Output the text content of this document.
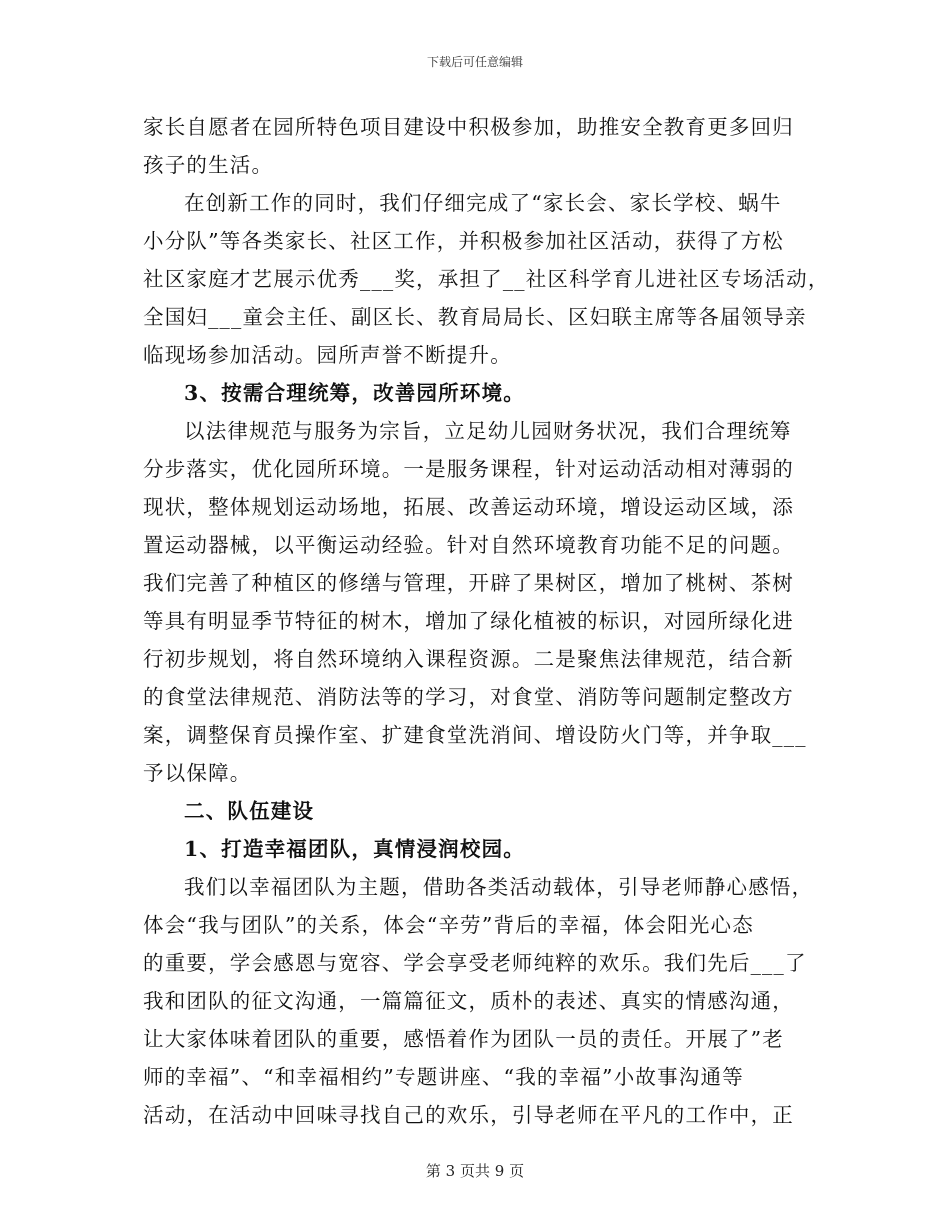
下载后可任意编辑
家长自愿者在园所特色项目建设中积极参加，助推安全教育更多回归
孩子的生活。
在创新工作的同时，我们仔细完成了“家长会、家长学校、蜗牛
小分队”等各类家长、社区工作，并积极参加社区活动，获得了方松
社区家庭才艺展示优秀___奖，承担了__社区科学育儿进社区专场活动，
全国妇___童会主任、副区长、教育局局长、区妇联主席等各届领导亲
临现场参加活动。园所声誉不断提升。
3、按需合理统筹，改善园所环境。
以法律规范与服务为宗旨，立足幼儿园财务状况，我们合理统筹
分步落实，优化园所环境。一是服务课程，针对运动活动相对薄弱的
现状，整体规划运动场地，拓展、改善运动环境，增设运动区域，添
置运动器械，以平衡运动经验。针对自然环境教育功能不足的问题。
我们完善了种植区的修缮与管理，开辟了果树区，增加了桃树、茶树
等具有明显季节特征的树木，增加了绿化植被的标识，对园所绿化进
行初步规划，将自然环境纳入课程资源。二是聚焦法律规范，结合新
的食堂法律规范、消防法等的学习，对食堂、消防等问题制定整改方
案，调整保育员操作室、扩建食堂洗消间、增设防火门等，并争取___
予以保障。
二、队伍建设
1、打造幸福团队，真情浸润校园。
我们以幸福团队为主题，借助各类活动载体，引导老师静心感悟，
体会“我与团队”的关系，体会“辛劳”背后的幸福，体会阳光心态
的重要，学会感恩与宽容、学会享受老师纯粹的欢乐。我们先后___了
我和团队的征文沟通，一篇篇征文，质朴的表述、真实的情感沟通，
让大家体味着团队的重要，感悟着作为团队一员的责任。开展了”老
师的幸福”、“和幸福相约”专题讲座、“我的幸福”小故事沟通等
活动，在活动中回味寻找自己的欢乐，引导老师在平凡的工作中，正
第 3 页共 9 页
